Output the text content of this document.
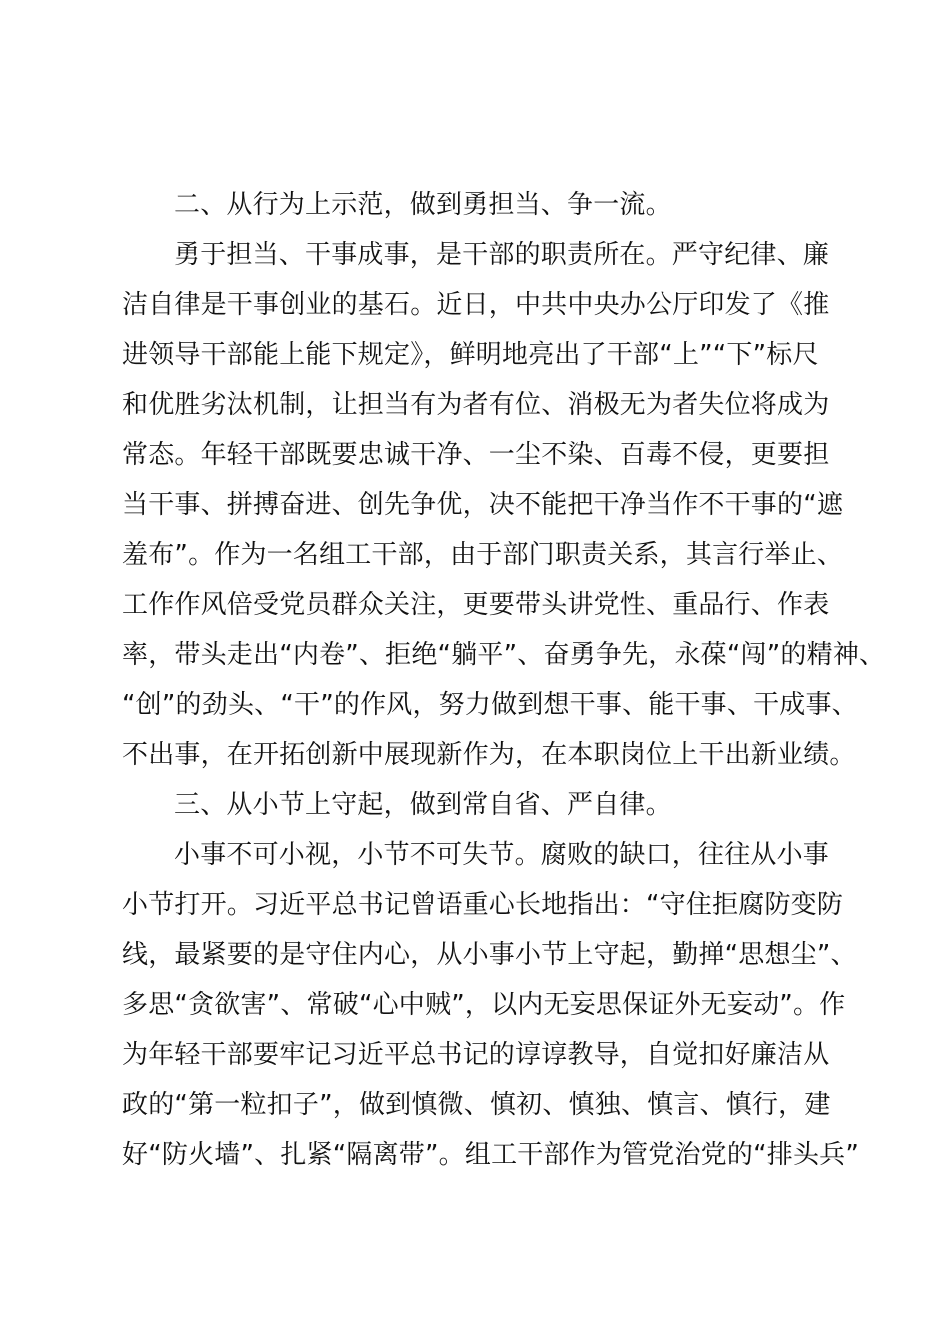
二、从行为上示范，做到勇担当、争一流。
勇于担当、干事成事，是干部的职责所在。严守纪律、廉
洁自律是干事创业的基石。近日，中共中央办公厅印发了《推
进领导干部能上能下规定》，鲜明地亮出了干部“上”“下”标尺
和优胜劣汰机制，让担当有为者有位、消极无为者失位将成为
常态。年轻干部既要忠诚干净、一尘不染、百毒不侵，更要担
当干事、拼搏奋进、创先争优，决不能把干净当作不干事的“遮
羞布”。作为一名组工干部，由于部门职责关系，其言行举止、
工作作风倍受党员群众关注，更要带头讲党性、重品行、作表
率，带头走出“内卷”、拒绝“躺平”、奋勇争先，永葆“闯”的精神、
“创”的劲头、“干”的作风，努力做到想干事、能干事、干成事、
不出事，在开拓创新中展现新作为，在本职岗位上干出新业绩。
三、从小节上守起，做到常自省、严自律。
小事不可小视，小节不可失节。腐败的缺口，往往从小事
小节打开。习近平总书记曾语重心长地指出：“守住拒腐防变防
线，最紧要的是守住内心，从小事小节上守起，勤掸“思想尘”、
多思“贪欲害”、常破“心中贼”，以内无妄思保证外无妄动”。作
为年轻干部要牢记习近平总书记的谆谆教导，自觉扣好廉洁从
政的“第一粒扣子”，做到慎微、慎初、慎独、慎言、慎行，建
好“防火墙”、扎紧“隔离带”。组工干部作为管党治党的“排头兵”
